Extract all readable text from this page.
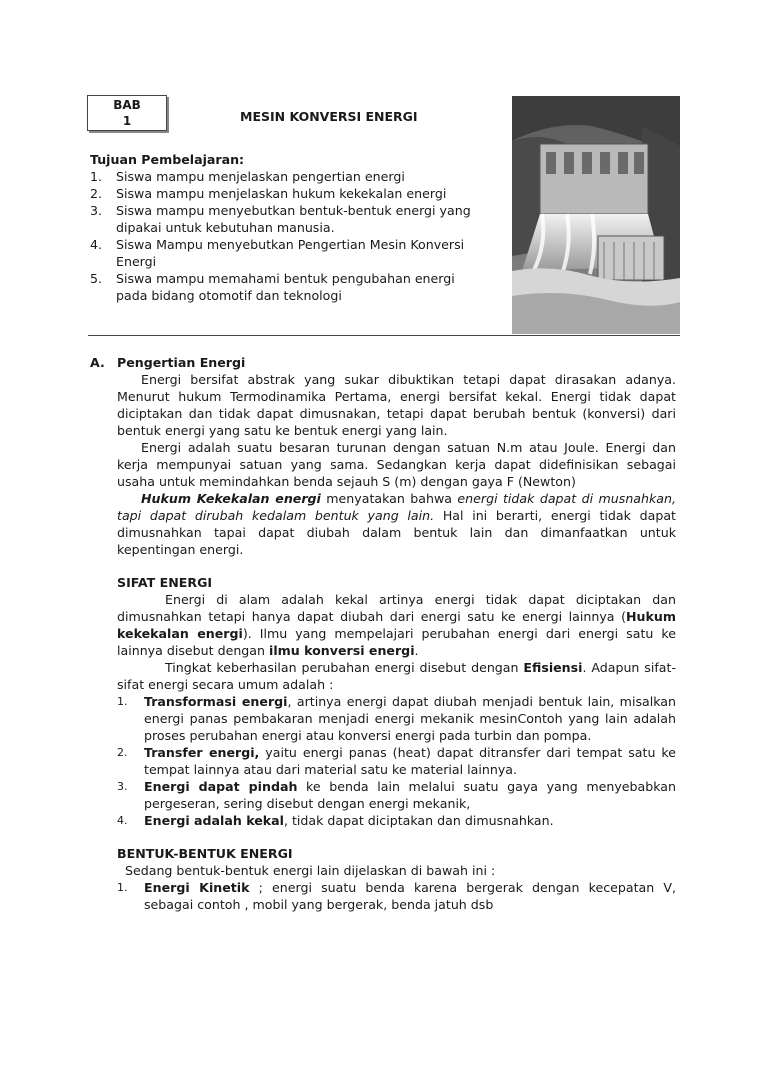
BAB
1	MESIN KONVERSI ENERGI
Tujuan Pembelajaran:
1. Siswa mampu menjelaskan pengertian energi
2. Siswa mampu menjelaskan hukum kekekalan energi
3. Siswa mampu menyebutkan bentuk-bentuk energi yang dipakai untuk kebutuhan manusia.
4. Siswa Mampu menyebutkan Pengertian Mesin Konversi Energi
5. Siswa mampu memahami bentuk pengubahan energi pada bidang otomotif dan teknologi
A. Pengertian Energi

Energi bersifat abstrak yang sukar dibuktikan tetapi dapat dirasakan adanya. Menurut hukum Termodinamika Pertama, energi bersifat kekal. Energi tidak dapat diciptakan dan tidak dapat dimusnakan, tetapi dapat berubah bentuk (konversi) dari bentuk energi yang satu ke bentuk energi yang lain.

Energi adalah suatu besaran turunan dengan satuan N.m atau Joule. Energi dan kerja mempunyai satuan yang sama. Sedangkan kerja dapat didefinisikan sebagai usaha untuk memindahkan benda sejauh S (m) dengan gaya F (Newton)

Hukum Kekekalan energi menyatakan bahwa energi tidak dapat di musnahkan, tapi dapat dirubah kedalam bentuk yang lain. Hal ini berarti, energi tidak dapat dimusnahkan tapai dapat diubah dalam bentuk lain dan dimanfaatkan untuk kepentingan energi.

SIFAT ENERGI

Energi di alam adalah kekal artinya energi tidak dapat diciptakan dan dimusnahkan tetapi hanya dapat diubah dari energi satu ke energi lainnya (Hukum kekekalan energi). Ilmu yang mempelajari perubahan energi dari energi satu ke lainnya disebut dengan ilmu konversi energi.

Tingkat keberhasilan perubahan energi disebut dengan Efisiensi. Adapun sifat-sifat energi secara umum adalah :

1. Transformasi energi, artinya energi dapat diubah menjadi bentuk lain, misalkan energi panas pembakaran menjadi energi mekanik mesinContoh yang lain adalah proses perubahan energi atau konversi energi pada turbin dan pompa.
2. Transfer energi, yaitu energi panas (heat) dapat ditransfer dari tempat satu ke tempat lainnya atau dari material satu ke material lainnya.
3. Energi dapat pindah ke benda lain melalui suatu gaya yang menyebabkan pergeseran, sering disebut dengan energi mekanik,
4. Energi adalah kekal, tidak dapat diciptakan dan dimusnahkan.
BENTUK-BENTUK ENERGI

Sedang bentuk-bentuk energi lain dijelaskan di bawah ini :

1. Energi Kinetik ; energi suatu benda karena bergerak dengan kecepatan V, sebagai contoh , mobil yang bergerak, benda jatuh dsb
